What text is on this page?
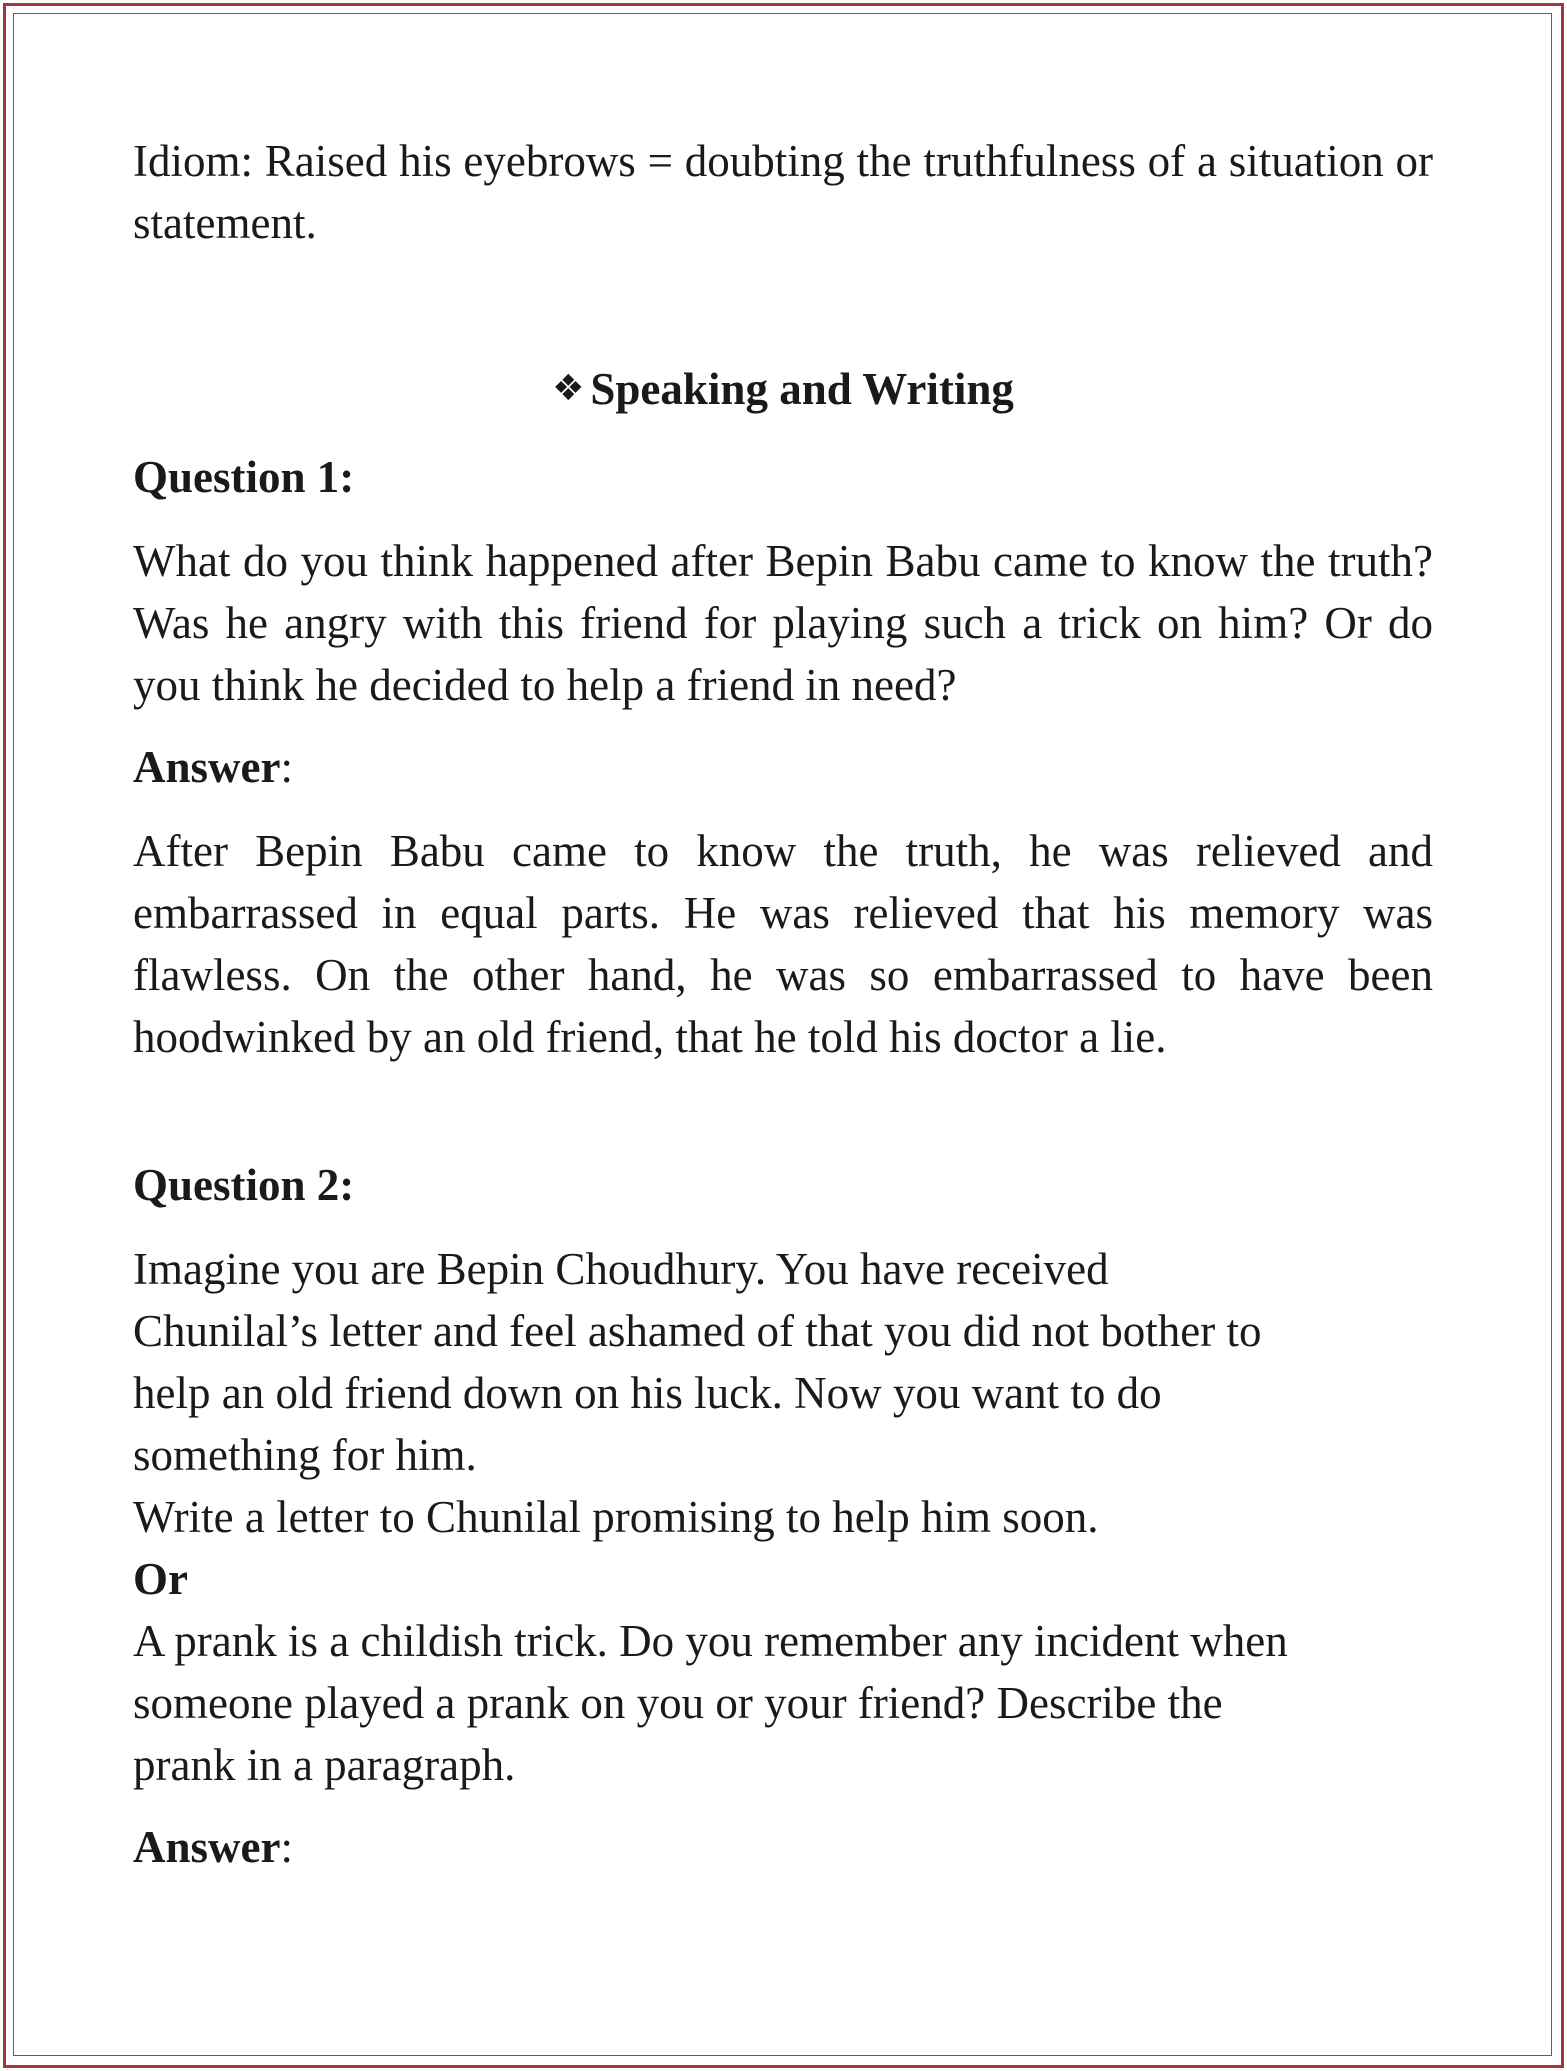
Idiom: Raised his eyebrows = doubting the truthfulness of a situation or statement.

❖ Speaking and Writing

Question 1:

What do you think happened after Bepin Babu came to know the truth? Was he angry with this friend for playing such a trick on him? Or do you think he decided to help a friend in need?

Answer:

After Bepin Babu came to know the truth, he was relieved and embarrassed in equal parts. He was relieved that his memory was flawless. On the other hand, he was so embarrassed to have been hoodwinked by an old friend, that he told his doctor a lie.

Question 2:

Imagine you are Bepin Choudhury. You have received
Chunilal’s letter and feel ashamed of that you did not bother to
help an old friend down on his luck. Now you want to do
something for him.
Write a letter to Chunilal promising to help him soon.

Or

A prank is a childish trick. Do you remember any incident when
someone played a prank on you or your friend? Describe the
prank in a paragraph.

Answer:
